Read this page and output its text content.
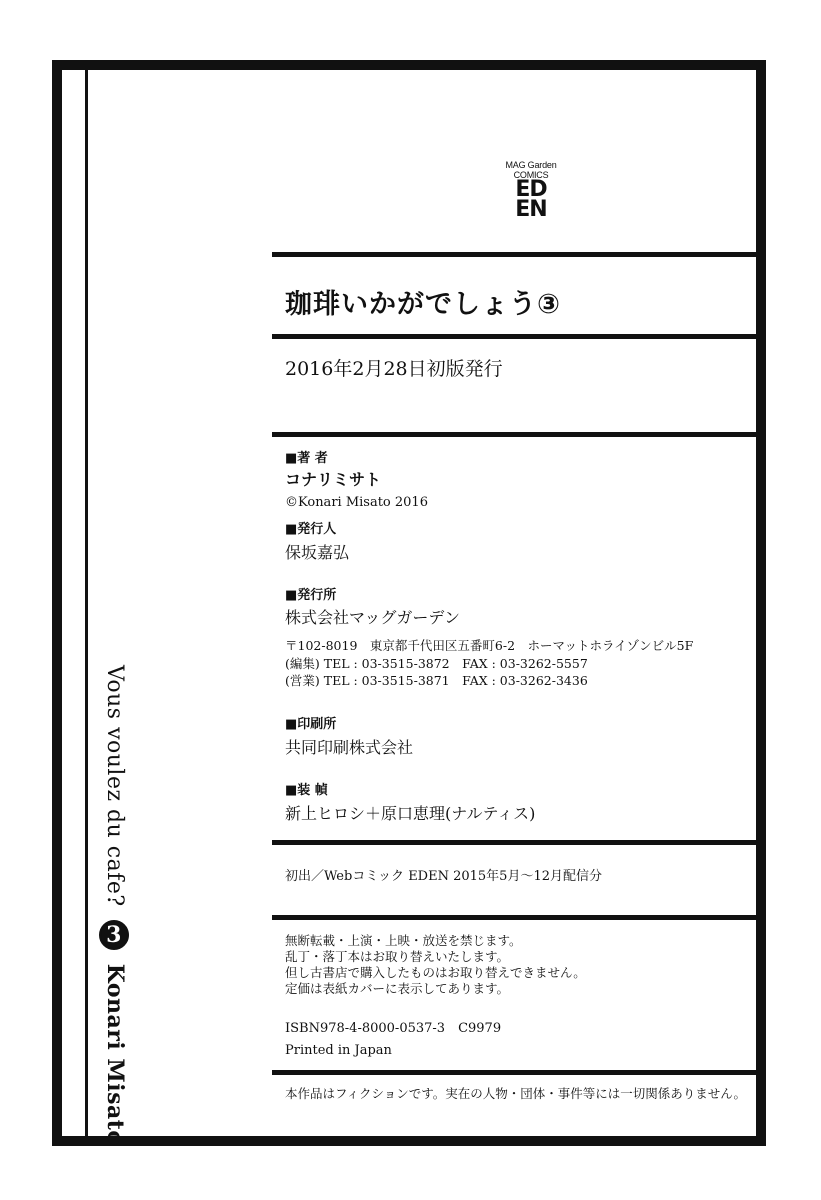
Vous voulez du cafe? 3 Konari Misato
MAG Garden
COMICS
ED
EN
珈琲いかがでしょう③
2016年2月28日初版発行
■著 者
コナリミサト
©Konari Misato 2016
■発行人
保坂嘉弘
■発行所
株式会社マッグガーデン
〒102-8019　東京都千代田区五番町6-2　ホーマットホライゾンビル5F
(編集) TEL : 03-3515-3872　FAX : 03-3262-5557
(営業) TEL : 03-3515-3871　FAX : 03-3262-3436
■印刷所
共同印刷株式会社
■装 幀
新上ヒロシ＋原口恵理(ナルティス)
初出／Webコミック EDEN 2015年5月〜12月配信分
無断転載・上演・上映・放送を禁じます。
乱丁・落丁本はお取り替えいたします。
但し古書店で購入したものはお取り替えできません。
定価は表紙カバーに表示してあります。
ISBN978-4-8000-0537-3　C9979
Printed in Japan
本作品はフィクションです。実在の人物・団体・事件等には一切関係ありません。
